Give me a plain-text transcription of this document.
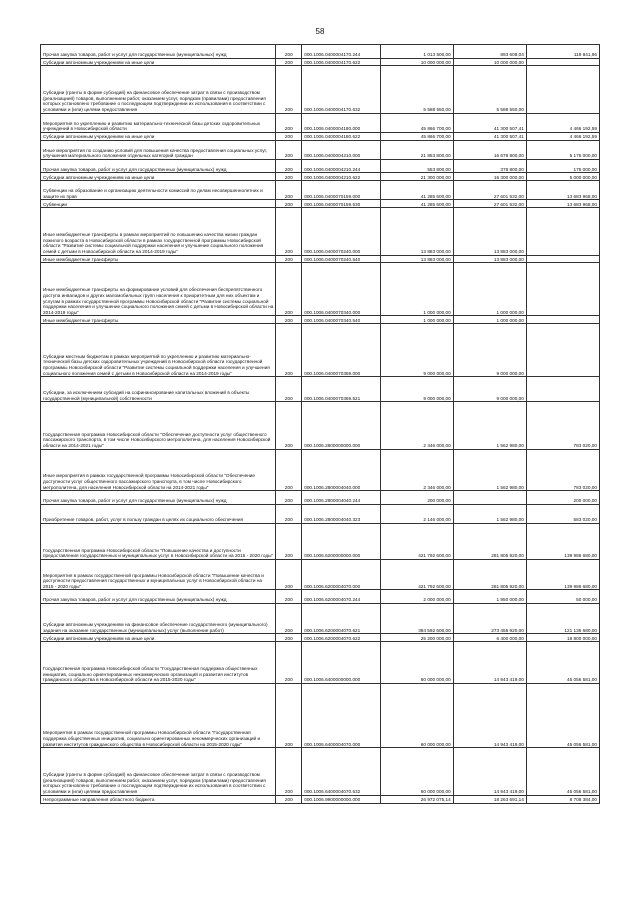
58
Прочая закупка товаров, работ и услуг для государственных (муниципальных) нужд	200	000.1006.0400004170.244	1 013 500,00	893 608,04	119 841,96
Субсидии автономным учреждениям на иные цели	200	000.1006.0400004170.622	10 000 000,00	10 000 000,00	
Субсидии (гранты в форме субсидий) на финансовое обеспечение затрат в связи с производством (реализацией) товаров, выполнением работ, оказанием услуг, порядком (правилами) предоставления которых установлено требование о последующем подтверждении их использования в соответствии с условиями и (или) целями предоставления	200	000.1006.0400004170.632	5 588 550,00	5 588 550,00	
Мероприятия по укреплению и развитию материально-технической базы детских оздоровительных учреждений в Новосибирской области	200	000.1006.0400004180.000	45 866 700,00	41 300 507,41	4 466 192,59
Субсидии автономным учреждениям на иные цели	200	000.1006.0400004180.622	45 866 700,00	41 300 507,41	4 466 192,59
Иные мероприятия по созданию условий для повышения качества предоставления социальных услуг, улучшения материального положения отдельных категорий граждан	200	000.1006.0400004210.000	21 853 800,00	16 678 800,00	5 175 000,00
Прочая закупка товаров, работ и услуг для государственных (муниципальных) нужд	200	000.1006.0400004210.244	553 800,00	378 800,00	175 000,00
Субсидии автономным учреждениям на иные цели	200	000.1006.0400004210.622	21 300 000,00	16 300 000,00	5 000 000,00
Субвенции на образование и организацию деятельности комиссий по делам несовершеннолетних и защите их прав	200	000.1006.0400070159.000	41 285 500,00	27 601 532,00	13 683 968,00
Субвенции	200	000.1006.0400070159.530	41 285 500,00	27 601 532,00	13 683 968,00
Иные межбюджетные трансферты в рамках мероприятий по повышению качества жизни граждан пожилого возраста в Новосибирской области в рамках государственной программы Новосибирской области "Развитие системы социальной поддержки населения и улучшение социального положения семей с детьми в Новосибирской области на 2014-2019 годы"	200	000.1006.0400070240.000	13 883 000,00	13 883 000,00	
Иные межбюджетные трансферты	200	000.1006.0400070240.540	13 883 000,00	13 883 000,00	
Иные межбюджетные трансферты на формирование условий для обеспечения беспрепятственного доступа инвалидов и других маломобильных групп населения к приоритетным для них объектам и услугам в рамках государственной программы Новосибирской области "Развитие системы социальной поддержки населения и улучшение социального положения семей с детьми в Новосибирской области на 2014-2019 годы"	200	000.1006.0400070340.000	1 000 000,00	1 000 000,00	
Иные межбюджетные трансферты	200	000.1006.0400070340.540	1 000 000,00	1 000 000,00	
Субсидии местным бюджетам в рамках мероприятий по укреплению и развитию материально-технической базы детских оздоровительных учреждений в Новосибирской области государственной программы Новосибирской области "Развитие системы социальной поддержки населения и улучшения социального положения семей с детьми в Новосибирской области на 2014-2019 годы"	200	000.1006.0400070369.000	9 000 000,00	9 000 000,00	
Субсидии, за исключением субсидий на софинансирование капитальных вложений в объекты государственной (муниципальной) собственности	200	000.1006.0400070369.521	9 000 000,00	9 000 000,00	
Государственная программа Новосибирской области "Обеспечение доступности услуг общественного пассажирского транспорта, в том числе Новосибирского метрополитена, для населения Новосибирской области на 2014-2021 годы"	200	000.1006.2800000000.000	2 346 000,00	1 562 980,00	783 020,00
Иные мероприятия в рамках государственной программы Новосибирской области "Обеспечение доступности услуг общественного пассажирского транспорта, в том числе Новосибирского метрополитена, для населения Новосибирской области на 2014-2021 годы"	200	000.1006.2800004040.000	2 346 000,00	1 562 980,00	783 020,00
Прочая закупка товаров, работ и услуг для государственных (муниципальных) нужд	200	000.1006.2800004040.244	200 000,00		200 000,00
Приобретение товаров, работ, услуг в пользу граждан в целях их социального обеспечения	200	000.1006.2800004040.323	2 146 000,00	1 562 980,00	583 020,00
Государственная программа Новосибирской области "Повышение качества и доступности предоставления государственных и муниципальных услуг в Новосибирской области на 2015 - 2020 годы"	200	000.1006.6200000000.000	421 792 600,00	281 805 920,00	139 986 680,00
Мероприятия в рамках государственной программы Новосибирской области "Повышение качества и доступности предоставления государственных и муниципальных услуг в Новосибирской области на 2015 - 2020 годы"	200	000.1006.6200004070.000	421 792 600,00	281 805 920,00	139 986 680,00
Прочая закупка товаров, работ и услуг для государственных (муниципальных) нужд	200	000.1006.6200004070.244	2 000 000,00	1 950 000,00	50 000,00
Субсидии автономным учреждениям на финансовое обеспечение государственного (муниципального) задания на оказание государственных (муниципальных) услуг (выполнение работ)	200	000.1006.6200004070.621	394 592 600,00	273 455 920,00	121 136 680,00
Субсидии автономным учреждениям на иные цели	200	000.1006.6200004070.622	25 200 000,00	6 400 000,00	18 800 000,00
Государственная программа Новосибирской области "Государственная поддержка общественных инициатив, социально ориентированных некоммерческих организаций и развития институтов гражданского общества в Новосибирской области на 2015-2020 годы"	200	000.1006.6400000000.000	60 000 000,00	14 943 419,00	45 056 581,00
Мероприятия в рамках государственной программы Новосибирской области "Государственная поддержка общественных инициатив, социально ориентированных некоммерческих организаций и развития институтов гражданского общества в Новосибирской области на 2015-2020 годы"	200	000.1006.6400004070.000	60 000 000,00	14 943 419,00	45 056 581,00
Субсидии (гранты в форме субсидий) на финансовое обеспечение затрат в связи с производством (реализацией) товаров, выполнением работ, оказанием услуг, порядком (правилами) предоставления которых установлено требование о последующем подтверждении их использования в соответствии с условиями и (или) целями предоставления	200	000.1006.6400004070.632	60 000 000,00	14 943 419,00	45 056 581,00
Непрограммные направления областного бюджета	200	000.1006.9900000000.000	26 972 075,14	18 263 691,14	8 708 384,00
